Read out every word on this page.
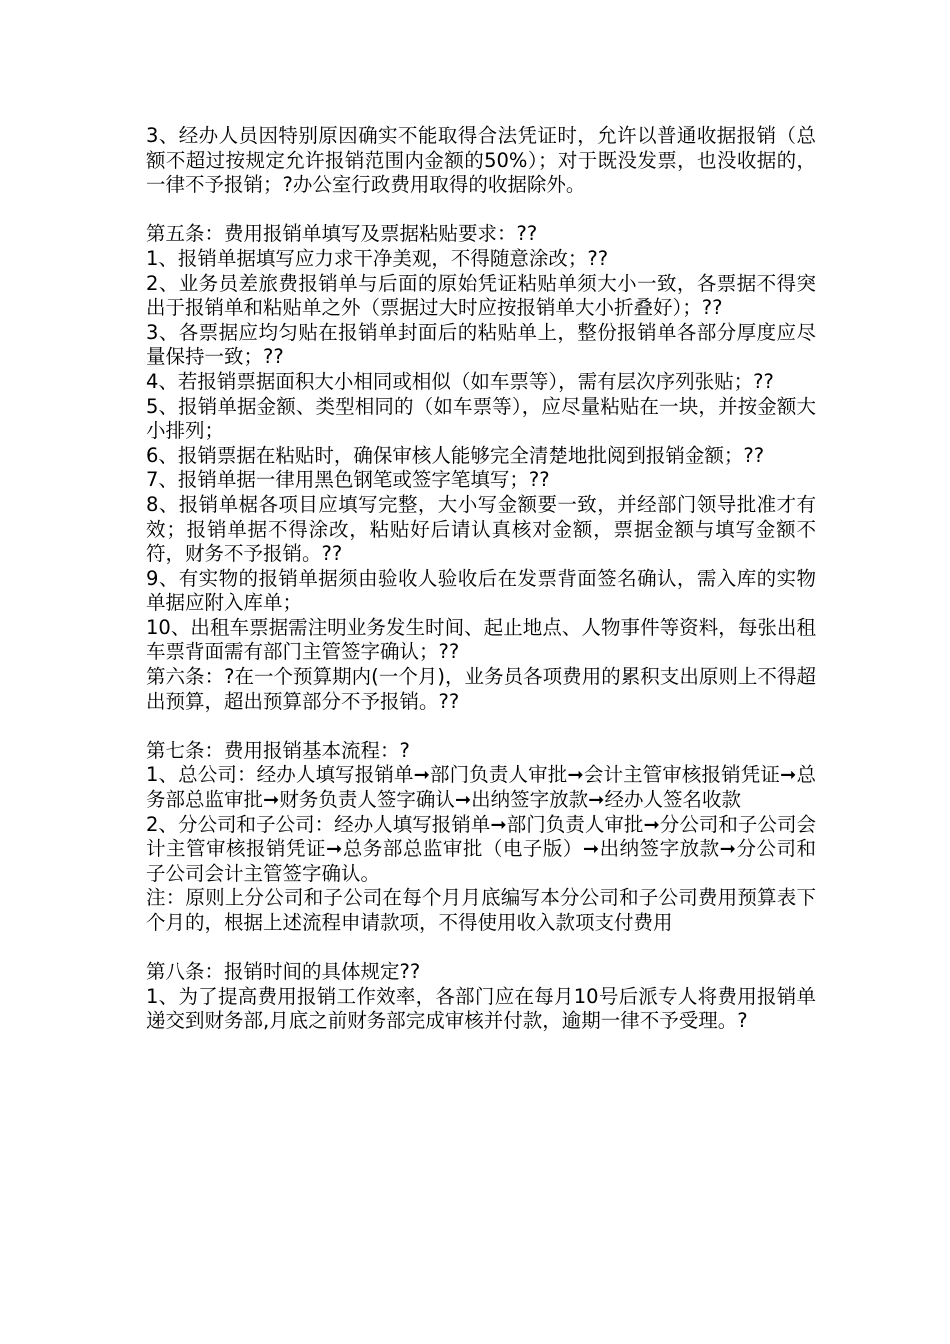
3、经办人员因特别原因确实不能取得合法凭证时，允许以普通收据报销（总额不超过按规定允许报销范围内金额的50%）；对于既没发票，也没收据的，一律不予报销；?办公室行政费用取得的收据除外。

第五条：费用报销单填写及票据粘贴要求：??

1、报销单据填写应力求干净美观，不得随意涂改；??

2、业务员差旅费报销单与后面的原始凭证粘贴单须大小一致，各票据不得突出于报销单和粘贴单之外（票据过大时应按报销单大小折叠好）；??

3、各票据应均匀贴在报销单封面后的粘贴单上，整份报销单各部分厚度应尽量保持一致；??

4、若报销票据面积大小相同或相似（如车票等），需有层次序列张贴；??

5、报销单据金额、类型相同的（如车票等），应尽量粘贴在一块，并按金额大小排列；

6、报销票据在粘贴时，确保审核人能够完全清楚地批阅到报销金额；??

7、报销单据一律用黑色钢笔或签字笔填写；??

8、报销单椐各项目应填写完整，大小写金额要一致，并经部门领导批准才有效；报销单据不得涂改，粘贴好后请认真核对金额，票据金额与填写金额不符，财务不予报销。??

9、有实物的报销单据须由验收人验收后在发票背面签名确认，需入库的实物单据应附入库单；

10、出租车票据需注明业务发生时间、起止地点、人物事件等资料，每张出租车票背面需有部门主管签字确认；??

第六条：?在一个预算期内(一个月)，业务员各项费用的累积支出原则上不得超出预算，超出预算部分不予报销。??

第七条：费用报销基本流程：?

1、总公司：经办人填写报销单➞部门负责人审批➞会计主管审核报销凭证➞总务部总监审批➞财务负责人签字确认➞出纳签字放款➞经办人签名收款

2、分公司和子公司：经办人填写报销单➞部门负责人审批➞分公司和子公司会计主管审核报销凭证➞总务部总监审批（电子版）➞出纳签字放款➞分公司和子公司会计主管签字确认。

注：原则上分公司和子公司在每个月月底编写本分公司和子公司费用预算表下个月的，根据上述流程申请款项，不得使用收入款项支付费用

第八条：报销时间的具体规定??

1、为了提高费用报销工作效率，各部门应在每月10号后派专人将费用报销单递交到财务部,月底之前财务部完成审核并付款，逾期一律不予受理。?
